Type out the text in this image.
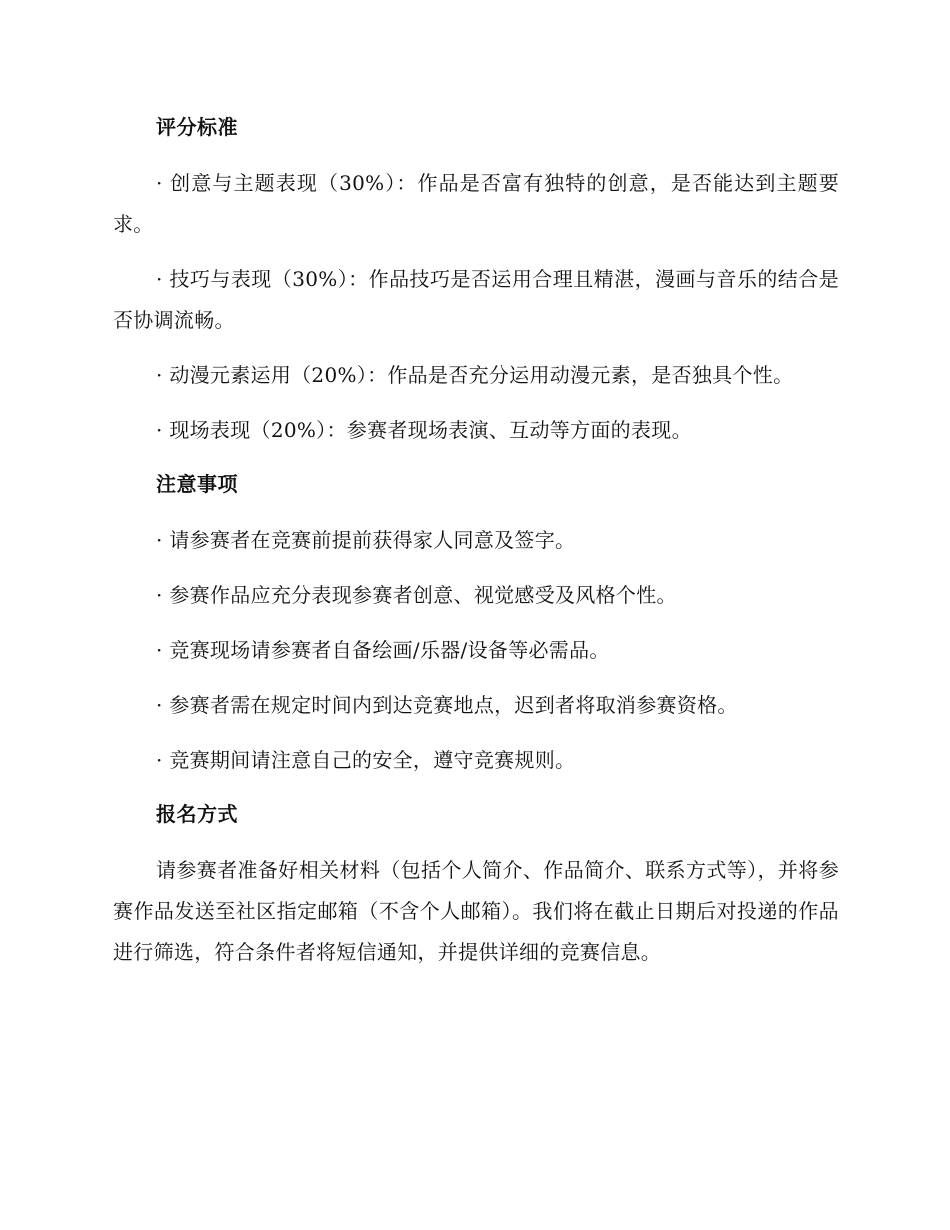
评分标准

· 创意与主题表现（30%）：作品是否富有独特的创意，是否能达到主题要求。

· 技巧与表现（30%）：作品技巧是否运用合理且精湛，漫画与音乐的结合是否协调流畅。

· 动漫元素运用（20%）：作品是否充分运用动漫元素，是否独具个性。

· 现场表现（20%）：参赛者现场表演、互动等方面的表现。

注意事项

· 请参赛者在竞赛前提前获得家人同意及签字。

· 参赛作品应充分表现参赛者创意、视觉感受及风格个性。

· 竞赛现场请参赛者自备绘画/乐器/设备等必需品。

· 参赛者需在规定时间内到达竞赛地点，迟到者将取消参赛资格。

· 竞赛期间请注意自己的安全，遵守竞赛规则。

报名方式

请参赛者准备好相关材料（包括个人简介、作品简介、联系方式等），并将参赛作品发送至社区指定邮箱（不含个人邮箱）。我们将在截止日期后对投递的作品进行筛选，符合条件者将短信通知，并提供详细的竞赛信息。
